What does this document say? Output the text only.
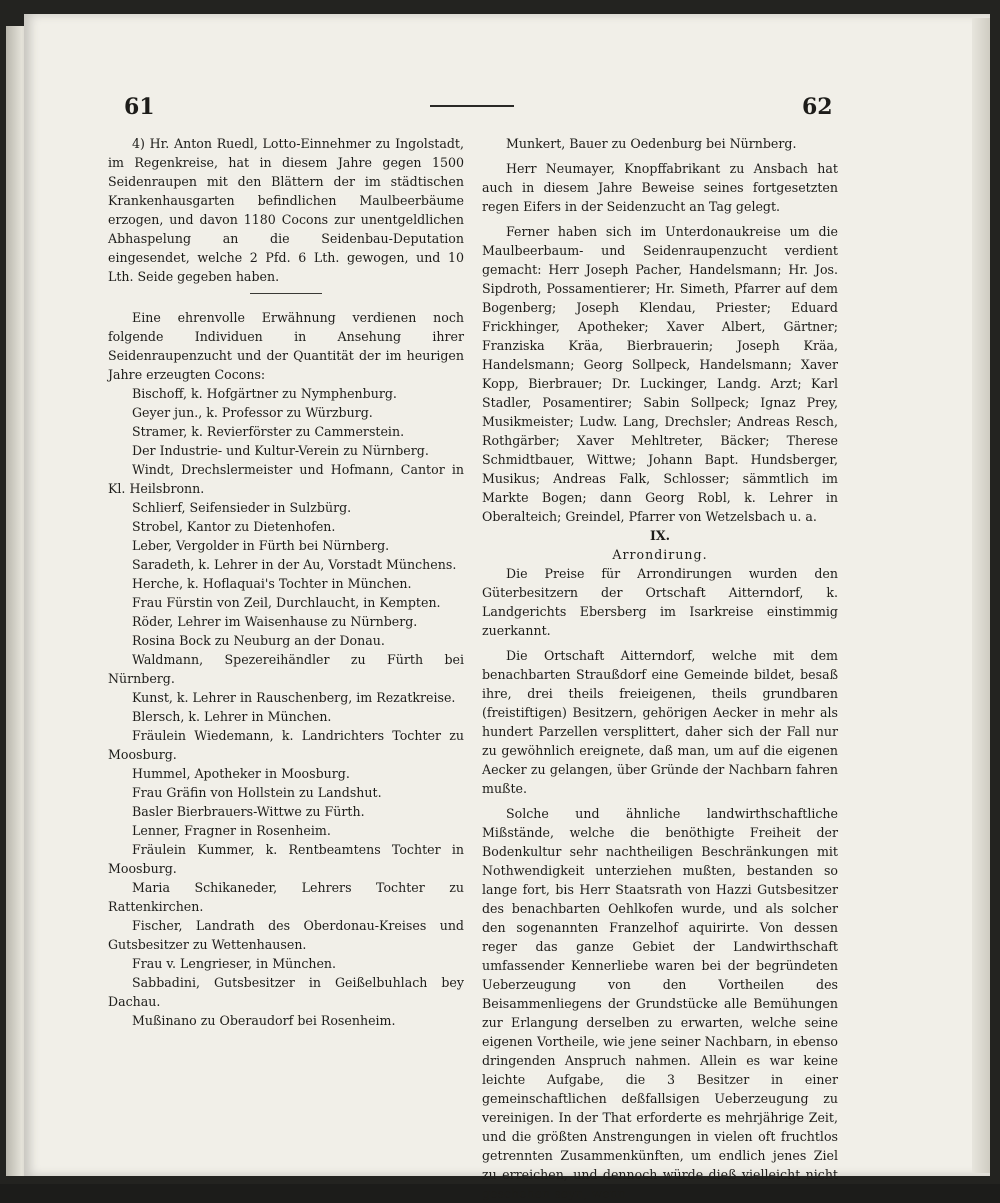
61	62

4) Hr. Anton Ruedl, Lotto-Einnehmer zu Ingolstadt, im Regenkreise, hat in diesem Jahre gegen 1500 Seidenraupen mit den Blättern der im städtischen Krankenhausgarten befindlichen Maulbeerbäume erzogen, und davon 1180 Cocons zur unentgeldlichen Abhaspelung an die Seidenbau-Deputation eingesendet, welche 2 Pfd. 6 Lth. gewogen, und 10 Lth. Seide gegeben haben.

Eine ehrenvolle Erwähnung verdienen noch folgende Individuen in Ansehung ihrer Seidenraupenzucht und der Quantität der im heurigen Jahre erzeugten Cocons:

Bischoff, k. Hofgärtner zu Nymphenburg.

Geyer jun., k. Professor zu Würzburg.

Stramer, k. Revierförster zu Cammerstein.

Der Industrie- und Kultur-Verein zu Nürnberg.

Windt, Drechslermeister und Hofmann, Cantor in Kl. Heilsbronn.

Schlierf, Seifensieder in Sulzbürg.

Strobel, Kantor zu Dietenhofen.

Leber, Vergolder in Fürth bei Nürnberg.

Saradeth, k. Lehrer in der Au, Vorstadt Münchens.

Herche, k. Hoflaquai's Tochter in München.

Frau Fürstin von Zeil, Durchlaucht, in Kempten.

Röder, Lehrer im Waisenhause zu Nürnberg.

Rosina Bock zu Neuburg an der Donau.

Waldmann, Spezereihändler zu Fürth bei Nürnberg.

Kunst, k. Lehrer in Rauschenberg, im Rezatkreise.

Blersch, k. Lehrer in München.

Fräulein Wiedemann, k. Landrichters Tochter zu Moosburg.

Hummel, Apotheker in Moosburg.

Frau Gräfin von Hollstein zu Landshut.

Basler Bierbrauers-Wittwe zu Fürth.

Lenner, Fragner in Rosenheim.

Fräulein Kummer, k. Rentbeamtens Tochter in Moosburg.

Maria Schikaneder, Lehrers Tochter zu Rattenkirchen.

Fischer, Landrath des Oberdonau-Kreises und Gutsbesitzer zu Wettenhausen.

Frau v. Lengrieser, in München.

Sabbadini, Gutsbesitzer in Geißelbuhlach bey Dachau.

Mußinano zu Oberaudorf bei Rosenheim.

Munkert, Bauer zu Oedenburg bei Nürnberg.

Herr Neumayer, Knopffabrikant zu Ansbach hat auch in diesem Jahre Beweise seines fortgesetzten regen Eifers in der Seidenzucht an Tag gelegt.

Ferner haben sich im Unterdonaukreise um die Maulbeerbaum- und Seidenraupenzucht verdient gemacht: Herr Joseph Pacher, Handelsmann; Hr. Jos. Sipdroth, Possamentierer; Hr. Simeth, Pfarrer auf dem Bogenberg; Joseph Klendau, Priester; Eduard Frickhinger, Apotheker; Xaver Albert, Gärtner; Franziska Kräa, Bierbrauerin; Joseph Kräa, Handelsmann; Georg Sollpeck, Handelsmann; Xaver Kopp, Bierbrauer; Dr. Luckinger, Landg. Arzt; Karl Stadler, Posamentirer; Sabin Sollpeck; Ignaz Prey, Musikmeister; Ludw. Lang, Drechsler; Andreas Resch, Rothgärber; Xaver Mehltreter, Bäcker; Therese Schmidtbauer, Wittwe; Johann Bapt. Hundsberger, Musikus; Andreas Falk, Schlosser; sämmtlich im Markte Bogen; dann Georg Robl, k. Lehrer in Oberalteich; Greindel, Pfarrer von Wetzelsbach u. a.

IX.

Arrondirung.

Die Preise für Arrondirungen wurden den Güterbesitzern der Ortschaft Aitterndorf, k. Landgerichts Ebersberg im Isarkreise einstimmig zuerkannt.

Die Ortschaft Aitterndorf, welche mit dem benachbarten Straußdorf eine Gemeinde bildet, besaß ihre, drei theils freieigenen, theils grundbaren (freistiftigen) Besitzern, gehörigen Aecker in mehr als hundert Parzellen versplittert, daher sich der Fall nur zu gewöhnlich ereignete, daß man, um auf die eigenen Aecker zu gelangen, über Gründe der Nachbarn fahren mußte.

Solche und ähnliche landwirthschaftliche Mißstände, welche die benöthigte Freiheit der Bodenkultur sehr nachtheiligen Beschränkungen mit Nothwendigkeit unterziehen mußten, bestanden so lange fort, bis Herr Staatsrath von Hazzi Gutsbesitzer des benachbarten Oehlkofen wurde, und als solcher den sogenannten Franzelhof aquirirte. Von dessen reger das ganze Gebiet der Landwirthschaft umfassender Kennerliebe waren bei der begründeten Ueberzeugung von den Vortheilen des Beisammenliegens der Grundstücke alle Bemühungen zur Erlangung derselben zu erwarten, welche seine eigenen Vortheile, wie jene seiner Nachbarn, in ebenso dringenden Anspruch nahmen. Allein es war keine leichte Aufgabe, die 3 Besitzer in einer gemeinschaftlichen deßfallsigen Ueberzeugung zu vereinigen. In der That erforderte es mehrjährige Zeit, und die größten Anstrengungen in vielen oft fruchtlos getrennten Zusammenkünften, um endlich jenes Ziel zu erreichen, und dennoch würde dieß vielleicht nicht geschehen seyn, wenn
